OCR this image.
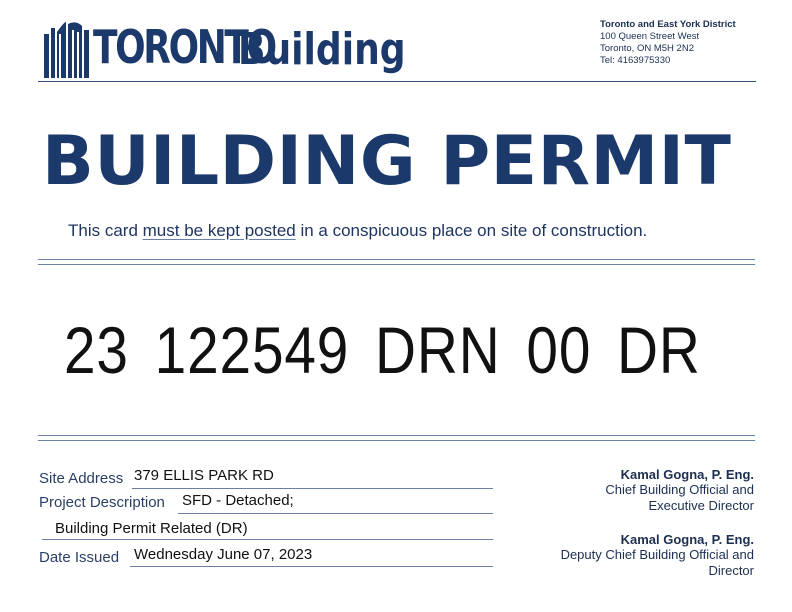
TORONTO
Building	Toronto and East York District
100 Queen Street West
Toronto, ON M5H 2N2
Tel: 4163975330
BUILDING PERMIT
This card must be kept posted in a conspicuous place on site of construction.
23 122549 DRN 00 DR
Site Address 379 ELLIS PARK RD
Project Description SFD - Detached;
Building Permit Related (DR)
Date Issued Wednesday June 07, 2023
Kamal Gogna, P. Eng.
Chief Building Official and
Executive Director
Kamal Gogna, P. Eng.
Deputy Chief Building Official and
Director
